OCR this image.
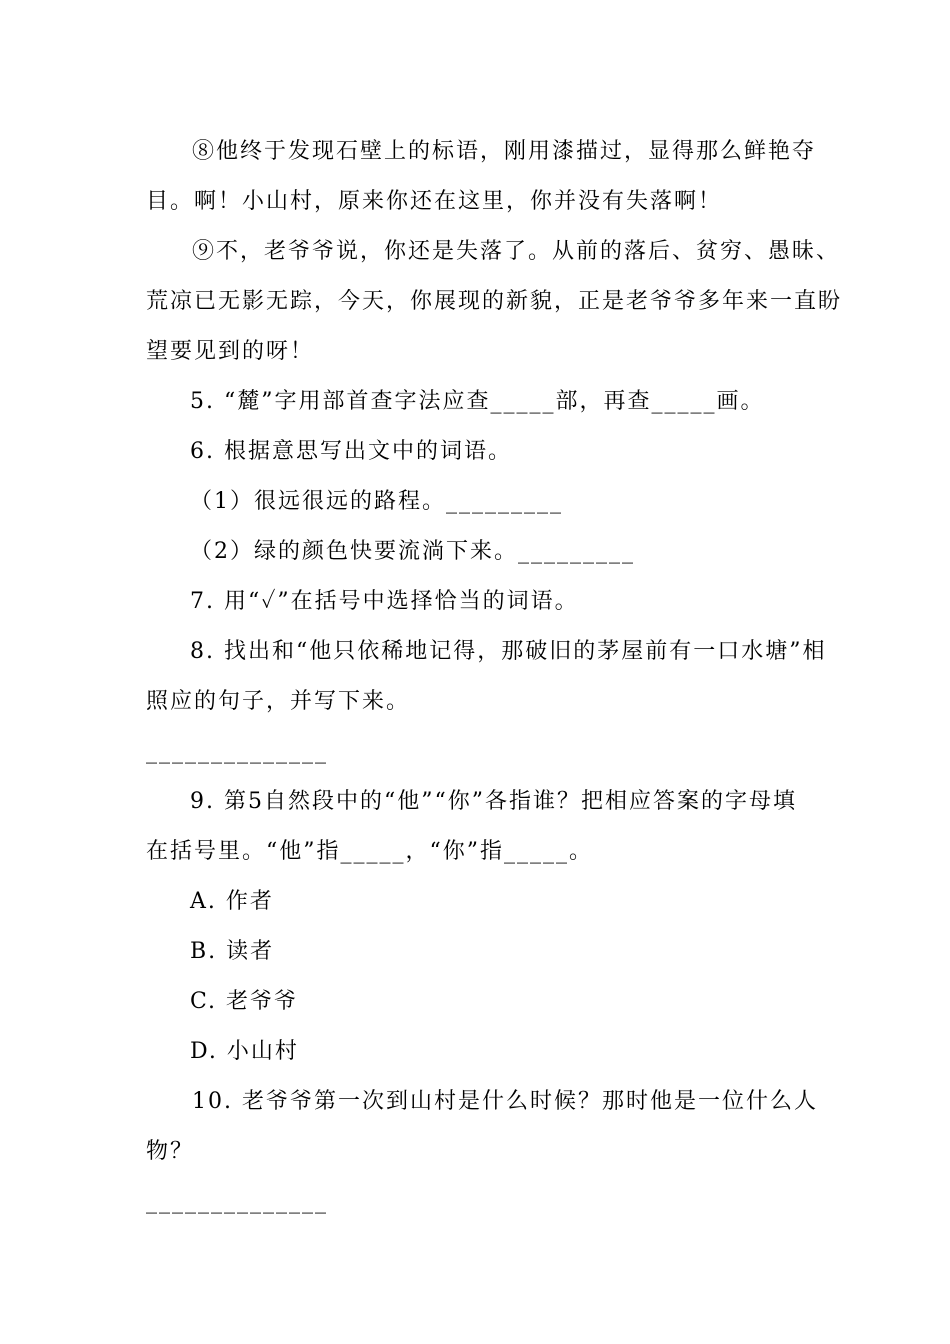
⑧他终于发现石壁上的标语，刚用漆描过，显得那么鲜艳夺
目。啊！小山村，原来你还在这里，你并没有失落啊！
⑨不，老爷爷说，你还是失落了。从前的落后、贫穷、愚昧、
荒凉已无影无踪，今天，你展现的新貌，正是老爷爷多年来一直盼
望要见到的呀！
5. “麓”字用部首查字法应查_____部，再查_____画。
6. 根据意思写出文中的词语。
（1）很远很远的路程。_________
（2）绿的颜色快要流淌下来。_________
7. 用“✓”在括号中选择恰当的词语。
8. 找出和“他只依稀地记得，那破旧的茅屋前有一口水塘”相
照应的句子，并写下来。
______________
9. 第5自然段中的“他”“你”各指谁？把相应答案的字母填
在括号里。“他”指_____，“你”指_____。
A. 作者
B. 读者
C. 老爷爷
D. 小山村
10. 老爷爷第一次到山村是什么时候？那时他是一位什么人
物？
______________
